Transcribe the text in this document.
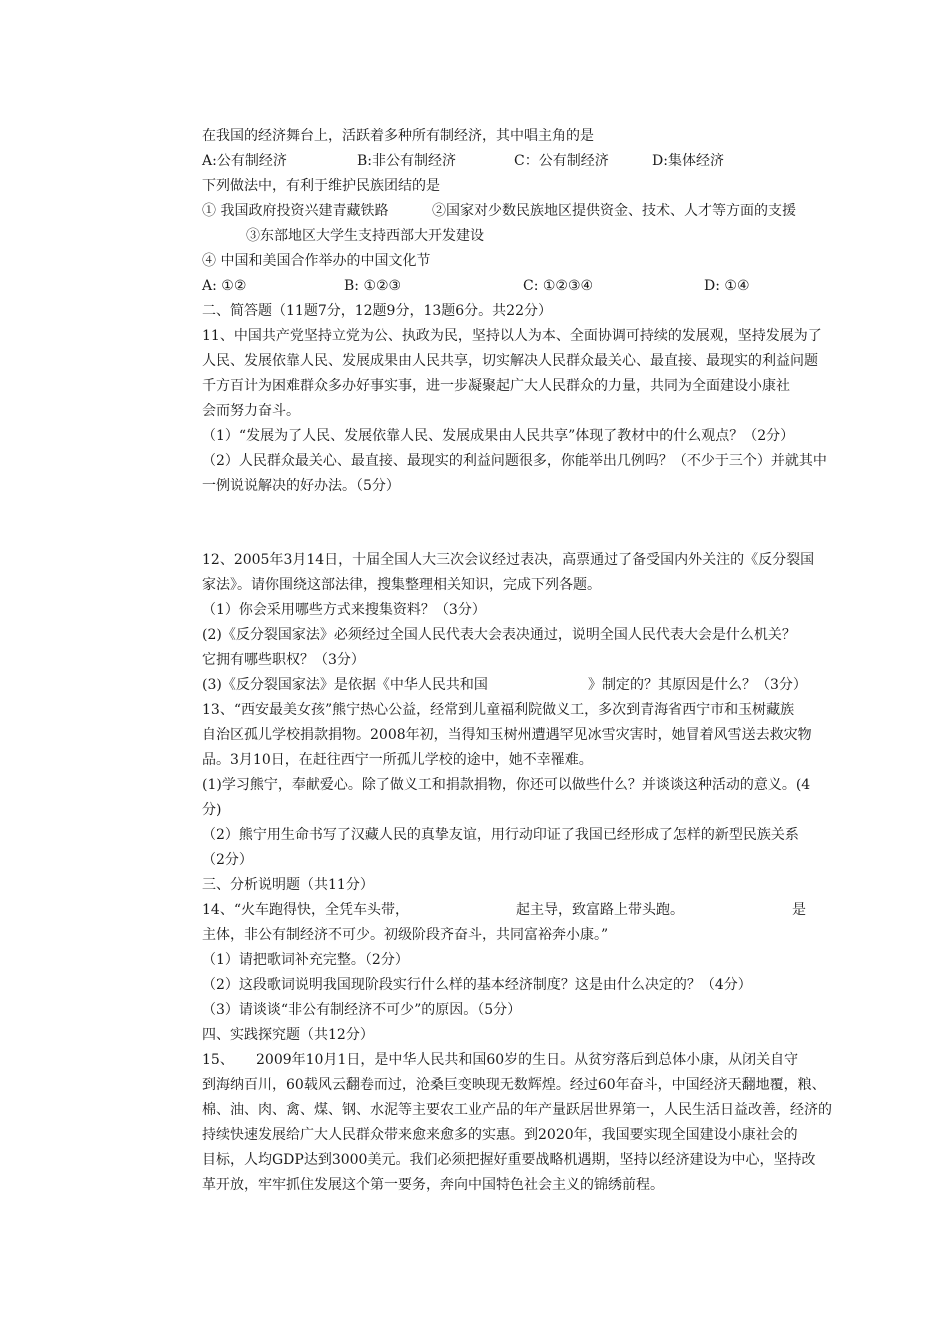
在我国的经济舞台上，活跃着多种所有制经济，其中唱主角的是
A:公有制经济	B:非公有制经济	C：公有制经济	D:集体经济
下列做法中，有利于维护民族团结的是
① 我国政府投资兴建青藏铁路	②国家对少数民族地区提供资金、技术、人才等方面的支援
③东部地区大学生支持西部大开发建设
④ 中国和美国合作举办的中国文化节
A: ①②	B: ①②③	C: ①②③④	D: ①④
二、简答题（11题7分，12题9分，13题6分。共22分）
11、中国共产党坚持立党为公、执政为民，坚持以人为本、全面协调可持续的发展观，坚持发展为了
人民、发展依靠人民、发展成果由人民共享，切实解决人民群众最关心、最直接、最现实的利益问题
千方百计为困难群众多办好事实事，进一步凝聚起广大人民群众的力量，共同为全面建设小康社
会而努力奋斗。
（1）“发展为了人民、发展依靠人民、发展成果由人民共享”体现了教材中的什么观点？（2分）
（2）人民群众最关心、最直接、最现实的利益问题很多，你能举出几例吗？（不少于三个）并就其中
一例说说解决的好办法。（5分）
12、2005年3月14日，十届全国人大三次会议经过表决，高票通过了备受国内外关注的《反分裂国
家法》。请你围绕这部法律，搜集整理相关知识，完成下列各题。
（1）你会采用哪些方式来搜集资料？（3分）
(2)《反分裂国家法》必须经过全国人民代表大会表决通过，说明全国人民代表大会是什么机关？
它拥有哪些职权？（3分）
(3)《反分裂国家法》是依据《中华人民共和国	》制定的？其原因是什么？（3分）
13、“西安最美女孩”熊宁热心公益，经常到儿童福利院做义工，多次到青海省西宁市和玉树藏族
自治区孤儿学校捐款捐物。2008年初，当得知玉树州遭遇罕见冰雪灾害时，她冒着风雪送去救灾物
品。3月10日，在赶往西宁一所孤儿学校的途中，她不幸罹难。
(1)学习熊宁，奉献爱心。除了做义工和捐款捐物，你还可以做些什么？并谈谈这种活动的意义。(4
分)
（2）熊宁用生命书写了汉藏人民的真挚友谊，用行动印证了我国已经形成了怎样的新型民族关系
（2分）
三、分析说明题（共11分）
14、“火车跑得快，全凭车头带，	起主导，致富路上带头跑。	是
主体，非公有制经济不可少。初级阶段齐奋斗，共同富裕奔小康。”
（1）请把歌词补充完整。（2分）
（2）这段歌词说明我国现阶段实行什么样的基本经济制度？这是由什么决定的？（4分）
（3）请谈谈“非公有制经济不可少”的原因。（5分）
四、实践探究题（共12分）
15、 2009年10月1日，是中华人民共和国60岁的生日。从贫穷落后到总体小康，从闭关自守
到海纳百川，60载风云翻卷而过，沧桑巨变映现无数辉煌。经过60年奋斗，中国经济天翻地覆，粮、
棉、油、肉、禽、煤、钢、水泥等主要农工业产品的年产量跃居世界第一，人民生活日益改善，经济的
持续快速发展给广大人民群众带来愈来愈多的实惠。到2020年，我国要实现全国建设小康社会的
目标，人均GDP达到3000美元。我们必须把握好重要战略机遇期，坚持以经济建设为中心，坚持改
革开放，牢牢抓住发展这个第一要务，奔向中国特色社会主义的锦绣前程。
